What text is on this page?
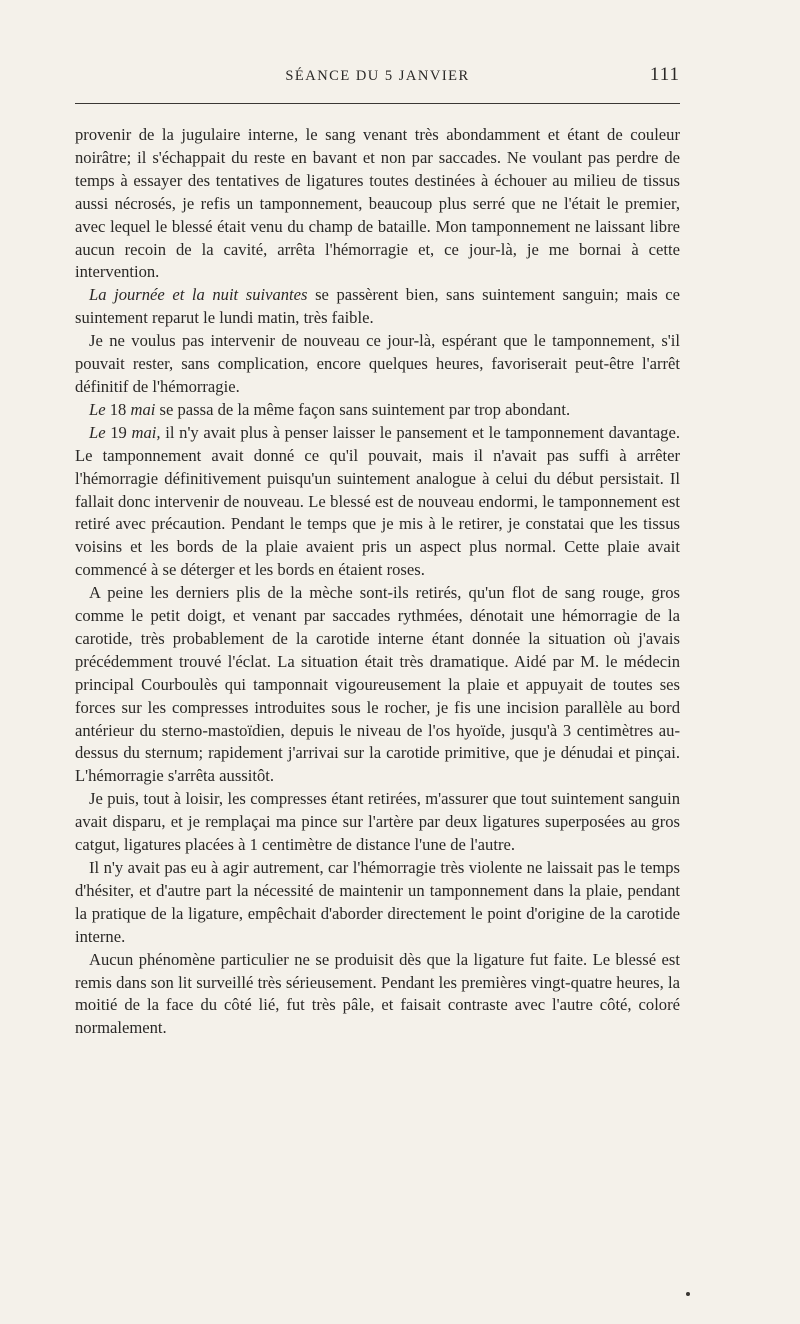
SÉANCE DU 5 JANVIER	111

provenir de la jugulaire interne, le sang venant très abondamment et étant de couleur noirâtre; il s'échappait du reste en bavant et non par saccades. Ne voulant pas perdre de temps à essayer des tentatives de ligatures toutes destinées à échouer au milieu de tissus aussi nécrosés, je refis un tamponnement, beaucoup plus serré que ne l'était le premier, avec lequel le blessé était venu du champ de bataille. Mon tamponnement ne laissant libre aucun recoin de la cavité, arrêta l'hémorragie et, ce jour-là, je me bornai à cette intervention.

La journée et la nuit suivantes se passèrent bien, sans suintement sanguin; mais ce suintement reparut le lundi matin, très faible.

Je ne voulus pas intervenir de nouveau ce jour-là, espérant que le tamponnement, s'il pouvait rester, sans complication, encore quelques heures, favoriserait peut-être l'arrêt définitif de l'hémorragie.

Le 18 mai se passa de la même façon sans suintement par trop abondant.

Le 19 mai, il n'y avait plus à penser laisser le pansement et le tamponnement davantage. Le tamponnement avait donné ce qu'il pouvait, mais il n'avait pas suffi à arrêter l'hémorragie définitivement puisqu'un suintement analogue à celui du début persistait. Il fallait donc intervenir de nouveau. Le blessé est de nouveau endormi, le tamponnement est retiré avec précaution. Pendant le temps que je mis à le retirer, je constatai que les tissus voisins et les bords de la plaie avaient pris un aspect plus normal. Cette plaie avait commencé à se déterger et les bords en étaient roses.

A peine les derniers plis de la mèche sont-ils retirés, qu'un flot de sang rouge, gros comme le petit doigt, et venant par saccades rythmées, dénotait une hémorragie de la carotide, très probablement de la carotide interne étant donnée la situation où j'avais précédemment trouvé l'éclat. La situation était très dramatique. Aidé par M. le médecin principal Courboulès qui tamponnait vigoureusement la plaie et appuyait de toutes ses forces sur les compresses introduites sous le rocher, je fis une incision parallèle au bord antérieur du sterno-mastoïdien, depuis le niveau de l'os hyoïde, jusqu'à 3 centimètres au-dessus du sternum; rapidement j'arrivai sur la carotide primitive, que je dénudai et pinçai. L'hémorragie s'arrêta aussitôt.

Je puis, tout à loisir, les compresses étant retirées, m'assurer que tout suintement sanguin avait disparu, et je remplaçai ma pince sur l'artère par deux ligatures superposées au gros catgut, ligatures placées à 1 centimètre de distance l'une de l'autre.

Il n'y avait pas eu à agir autrement, car l'hémorragie très violente ne laissait pas le temps d'hésiter, et d'autre part la nécessité de maintenir un tamponnement dans la plaie, pendant la pratique de la ligature, empêchait d'aborder directement le point d'origine de la carotide interne.

Aucun phénomène particulier ne se produisit dès que la ligature fut faite. Le blessé est remis dans son lit surveillé très sérieusement. Pendant les premières vingt-quatre heures, la moitié de la face du côté lié, fut très pâle, et faisait contraste avec l'autre côté, coloré normalement.
